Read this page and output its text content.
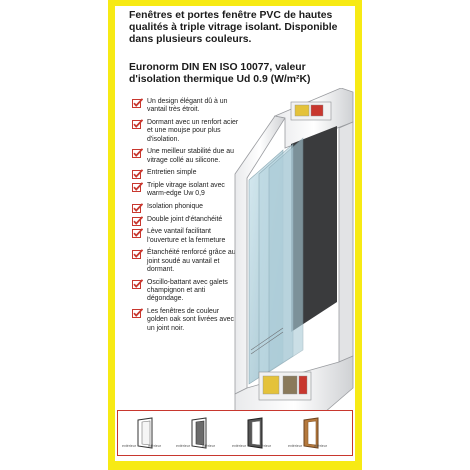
Fenêtres et portes fenêtre PVC de hautes qualités à triple vitrage isolant. Disponible dans plusieurs couleurs.
Euronorm DIN EN ISO 10077, valeur d'isolation thermique Ud 0.9 (W/m²K)
Un design élégant dû à un vantail très étroit.
Dormant avec un renfort acier et une moujse pour plus d'isolation.
Une meilleur stabilité due au vitrage collé au silicone.
Entretien simple
Triple vitrage isolant avec warm-edge Uw 0,9
Isolation phonique
Double joint d'étanchéité
Lève vantail facilitant l'ouverture et la fermeture
Étanchéité renforcé grâce au joint soudé au vantail et dormant.
Oscillo-battant avec galets champignon et anti dégondage.
Les fenêtres de couleur golden oak sont livrées avec un joint noir.
extérieur	intérieur	extérieur	intérieur	extérieur	intérieur	extérieur	intérieur
